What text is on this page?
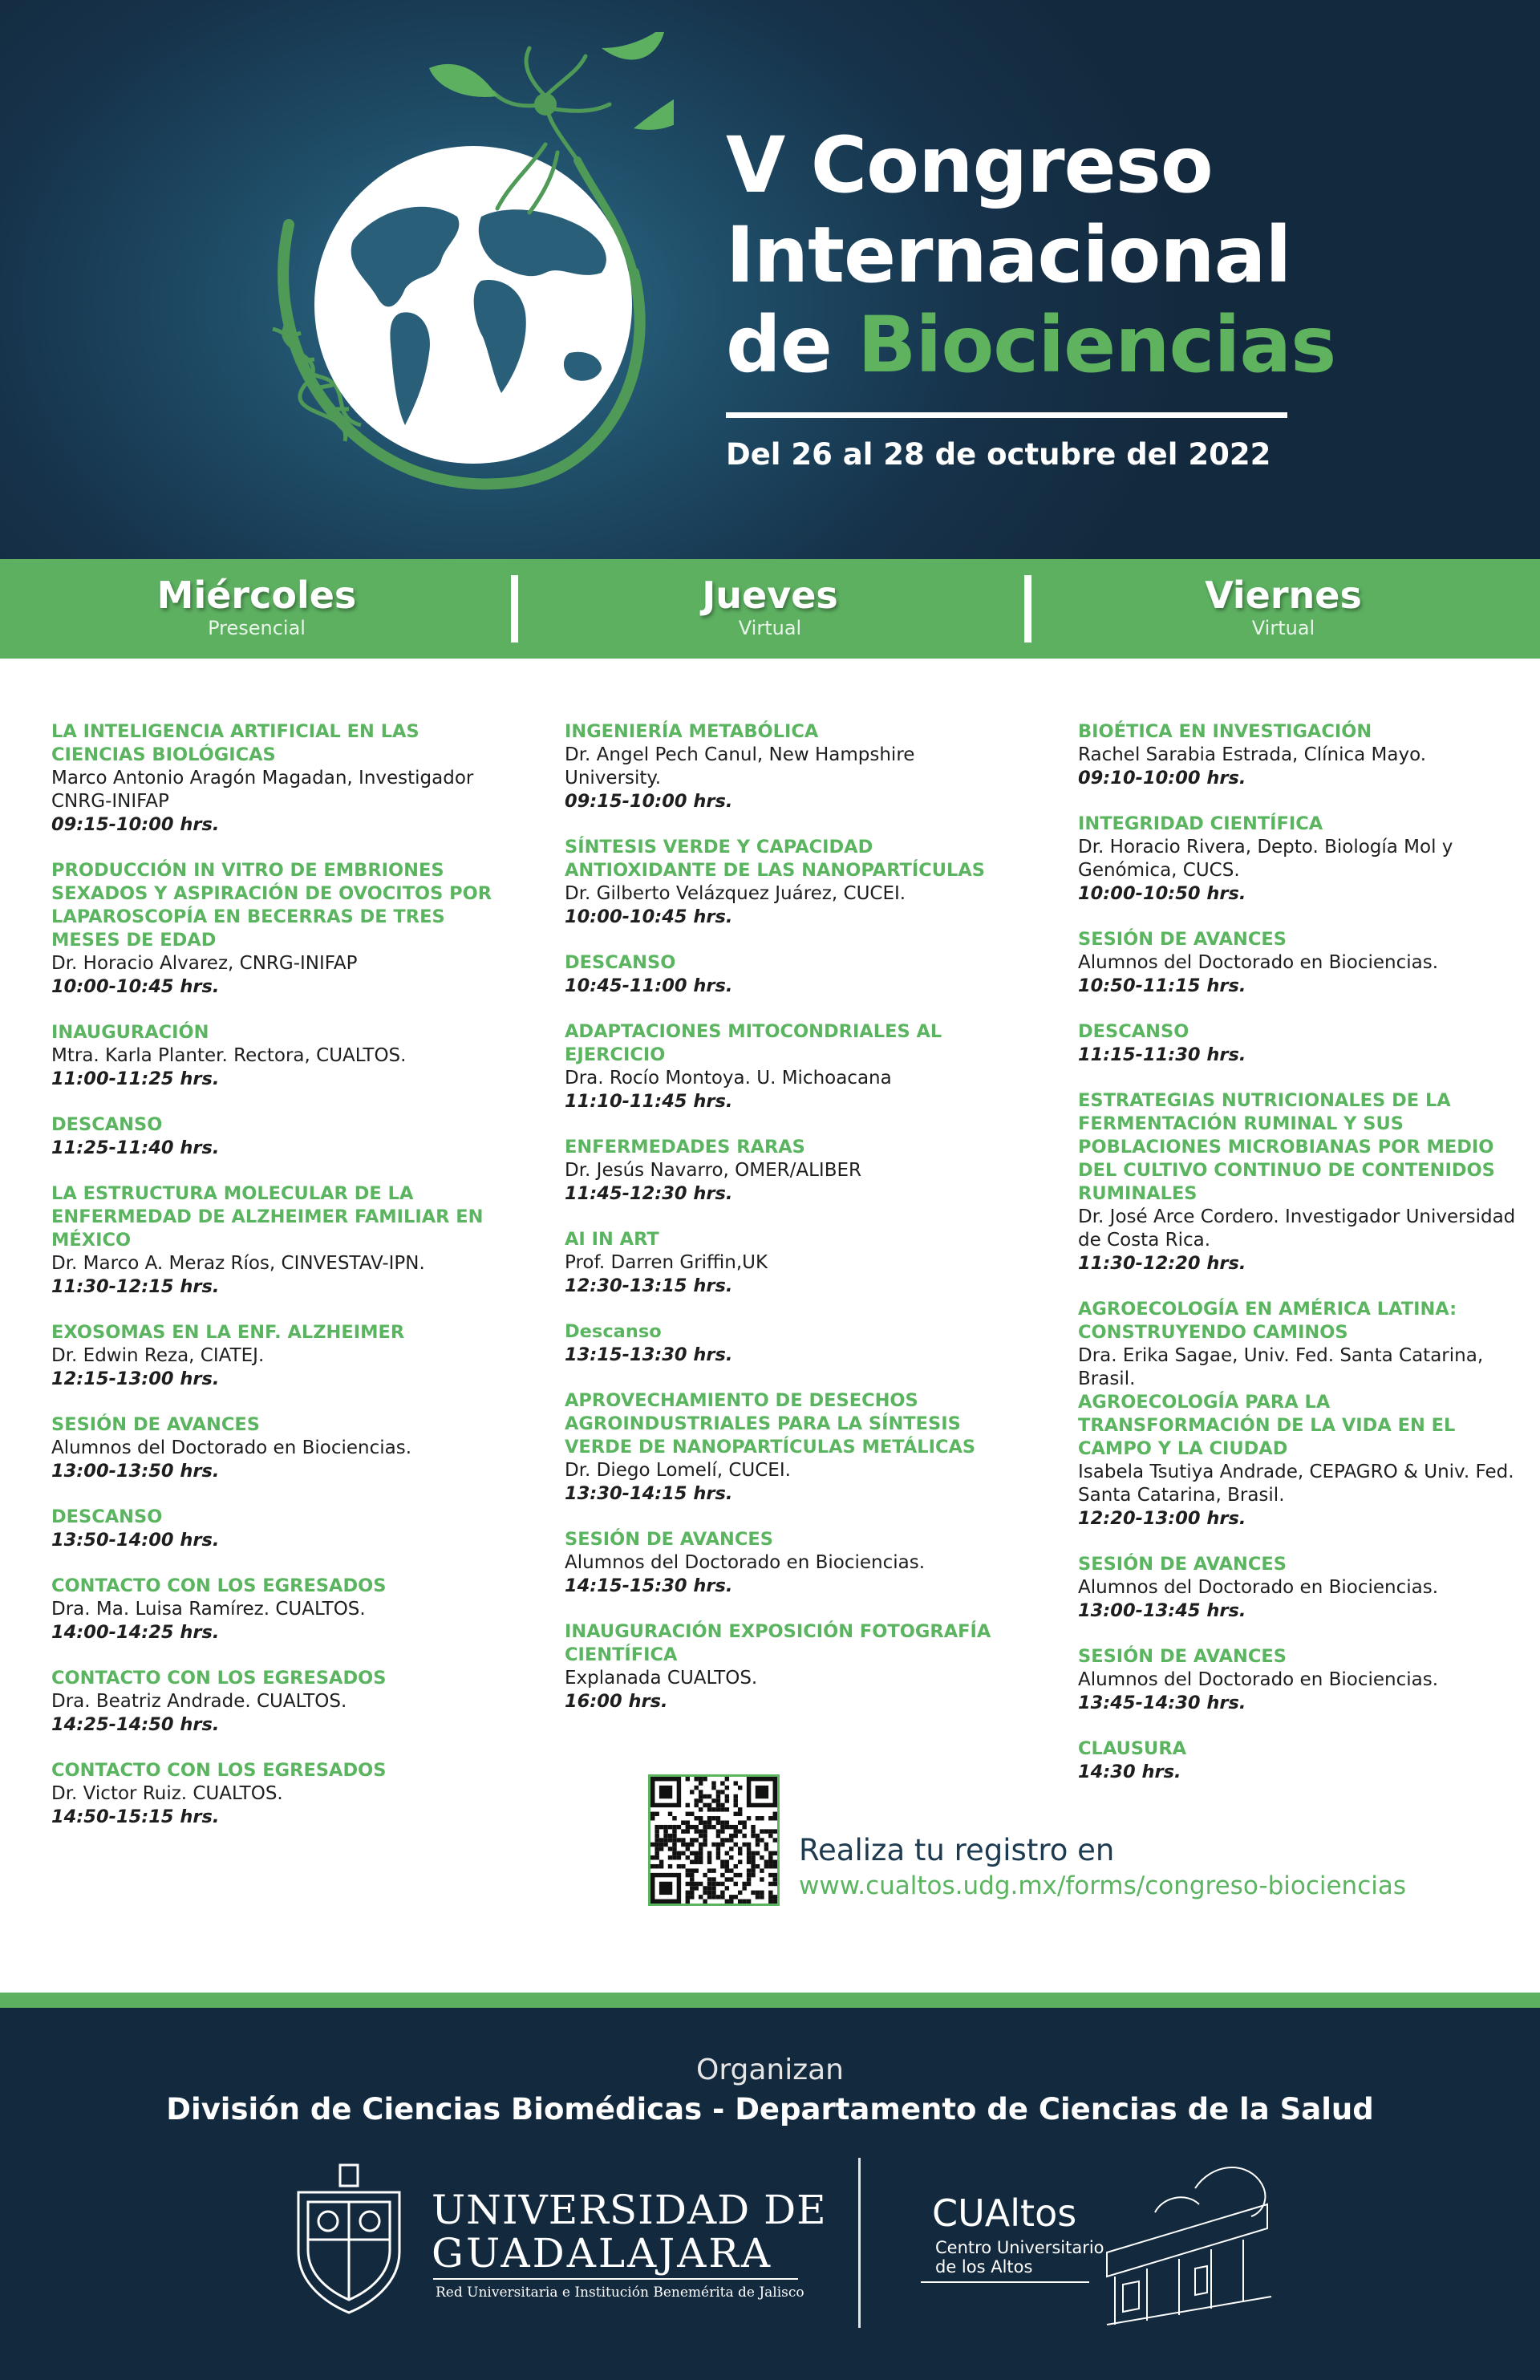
V Congreso
Internacional
de Biociencias
Del 26 al 28 de octubre del 2022
Miércoles
Presencial
Jueves
Virtual
Viernes
Virtual
LA INTELIGENCIA ARTIFICIAL EN LAS CIENCIAS BIOLÓGICAS
Marco Antonio Aragón Magadan, Investigador CNRG-INIFAP
09:15-10:00 hrs.
PRODUCCIÓN IN VITRO DE EMBRIONES SEXADOS Y ASPIRACIÓN DE OVOCITOS POR LAPAROSCOPÍA EN BECERRAS DE TRES MESES DE EDAD
Dr. Horacio Alvarez, CNRG-INIFAP
10:00-10:45 hrs.
INAUGURACIÓN
Mtra. Karla Planter. Rectora, CUALTOS.
11:00-11:25 hrs.
DESCANSO
11:25-11:40 hrs.
LA ESTRUCTURA MOLECULAR DE LA ENFERMEDAD DE ALZHEIMER FAMILIAR EN MÉXICO
Dr. Marco A. Meraz Ríos, CINVESTAV-IPN.
11:30-12:15 hrs.
EXOSOMAS EN LA ENF. ALZHEIMER
Dr. Edwin Reza, CIATEJ.
12:15-13:00 hrs.
SESIÓN DE AVANCES
Alumnos del Doctorado en Biociencias.
13:00-13:50 hrs.
DESCANSO
13:50-14:00 hrs.
CONTACTO CON LOS EGRESADOS
Dra. Ma. Luisa Ramírez. CUALTOS.
14:00-14:25 hrs.
CONTACTO CON LOS EGRESADOS
Dra. Beatriz Andrade. CUALTOS.
14:25-14:50 hrs.
CONTACTO CON LOS EGRESADOS
Dr. Victor Ruiz. CUALTOS.
14:50-15:15 hrs.
INGENIERÍA METABÓLICA
Dr. Angel Pech Canul, New Hampshire University.
09:15-10:00 hrs.
SÍNTESIS VERDE Y CAPACIDAD ANTIOXIDANTE DE LAS NANOPARTÍCULAS
Dr. Gilberto Velázquez Juárez, CUCEI.
10:00-10:45 hrs.
DESCANSO
10:45-11:00 hrs.
ADAPTACIONES MITOCONDRIALES AL EJERCICIO
Dra. Rocío Montoya. U. Michoacana
11:10-11:45 hrs.
ENFERMEDADES RARAS
Dr. Jesús Navarro, OMER/ALIBER
11:45-12:30 hrs.
AI IN ART
Prof. Darren Griffin,UK
12:30-13:15 hrs.
Descanso
13:15-13:30 hrs.
APROVECHAMIENTO DE DESECHOS AGROINDUSTRIALES PARA LA SÍNTESIS VERDE DE NANOPARTÍCULAS METÁLICAS
Dr. Diego Lomelí, CUCEI.
13:30-14:15 hrs.
SESIÓN DE AVANCES
Alumnos del Doctorado en Biociencias.
14:15-15:30 hrs.
INAUGURACIÓN EXPOSICIÓN FOTOGRAFÍA CIENTÍFICA
Explanada CUALTOS.
16:00 hrs.
BIOÉTICA EN INVESTIGACIÓN
Rachel Sarabia Estrada, Clínica Mayo.
09:10-10:00 hrs.
INTEGRIDAD CIENTÍFICA
Dr. Horacio Rivera, Depto. Biología Mol y Genómica, CUCS.
10:00-10:50 hrs.
SESIÓN DE AVANCES
Alumnos del Doctorado en Biociencias.
10:50-11:15 hrs.
DESCANSO
11:15-11:30 hrs.
ESTRATEGIAS NUTRICIONALES DE LA FERMENTACIÓN RUMINAL Y SUS POBLACIONES MICROBIANAS POR MEDIO DEL CULTIVO CONTINUO DE CONTENIDOS RUMINALES
Dr. José Arce Cordero. Investigador Universidad de Costa Rica.
11:30-12:20 hrs.
AGROECOLOGÍA EN AMÉRICA LATINA: CONSTRUYENDO CAMINOS
Dra. Erika Sagae, Univ. Fed. Santa Catarina, Brasil.
AGROECOLOGÍA PARA LA TRANSFORMACIÓN DE LA VIDA EN EL CAMPO Y LA CIUDAD
Isabela Tsutiya Andrade, CEPAGRO & Univ. Fed. Santa Catarina, Brasil.
12:20-13:00 hrs.
SESIÓN DE AVANCES
Alumnos del Doctorado en Biociencias.
13:00-13:45 hrs.
SESIÓN DE AVANCES
Alumnos del Doctorado en Biociencias.
13:45-14:30 hrs.
CLAUSURA
14:30 hrs.
Realiza tu registro en
www.cualtos.udg.mx/forms/congreso-biociencias
Organizan
División de Ciencias Biomédicas - Departamento de Ciencias de la Salud
UNIVERSIDAD DE
GUADALAJARA
Red Universitaria e Institución Benemérita de Jalisco
CUAltos
Centro Universitario
de los Altos
